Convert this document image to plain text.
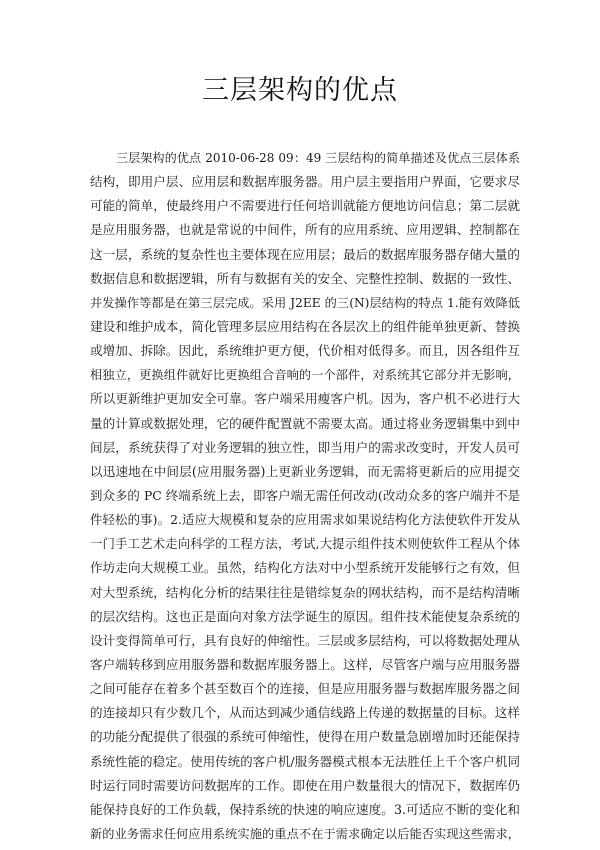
三层架构的优点
三层架构的优点 2010-06-28 09：49 三层结构的简单描述及优点三层体系
结构，即用户层、应用层和数据库服务器。用户层主要指用户界面，它要求尽
可能的简单，使最终用户不需要进行任何培训就能方便地访问信息；第二层就
是应用服务器，也就是常说的中间件，所有的应用系统、应用逻辑、控制都在
这一层，系统的复杂性也主要体现在应用层；最后的数据库服务器存储大量的
数据信息和数据逻辑，所有与数据有关的安全、完整性控制、数据的一致性、
并发操作等都是在第三层完成。采用 J2EE 的三(N)层结构的特点 1.能有效降低
建设和维护成本，简化管理多层应用结构在各层次上的组件能单独更新、替换
或增加、拆除。因此，系统维护更方便，代价相对低得多。而且，因各组件互
相独立，更换组件就好比更换组合音响的一个部件，对系统其它部分并无影响，
所以更新维护更加安全可靠。客户端采用瘦客户机。因为，客户机不必进行大
量的计算或数据处理，它的硬件配置就不需要太高。通过将业务逻辑集中到中
间层，系统获得了对业务逻辑的独立性，即当用户的需求改变时，开发人员可
以迅速地在中间层(应用服务器)上更新业务逻辑，而无需将更新后的应用提交
到众多的 PC 终端系统上去，即客户端无需任何改动(改动众多的客户端并不是
件轻松的事)。2.适应大规模和复杂的应用需求如果说结构化方法使软件开发从
一门手工艺术走向科学的工程方法，考试,大提示组件技术则使软件工程从个体
作坊走向大规模工业。虽然，结构化方法对中小型系统开发能够行之有效，但
对大型系统，结构化分析的结果往往是错综复杂的网状结构，而不是结构清晰
的层次结构。这也正是面向对象方法学诞生的原因。组件技术能使复杂系统的
设计变得简单可行，具有良好的伸缩性。三层或多层结构，可以将数据处理从
客户端转移到应用服务器和数据库服务器上。这样，尽管客户端与应用服务器
之间可能存在着多个甚至数百个的连接，但是应用服务器与数据库服务器之间
的连接却只有少数几个，从而达到减少通信线路上传递的数据量的目标。这样
的功能分配提供了很强的系统可伸缩性，使得在用户数量急剧增加时还能保持
系统性能的稳定。使用传统的客户机/服务器模式根本无法胜任上千个客户机同
时运行同时需要访问数据库的工作。即使在用户数量很大的情况下，数据库仍
能保持良好的工作负载，保持系统的快速的响应速度。3.可适应不断的变化和
新的业务需求任何应用系统实施的重点不在于需求确定以后能否实现这些需求，
